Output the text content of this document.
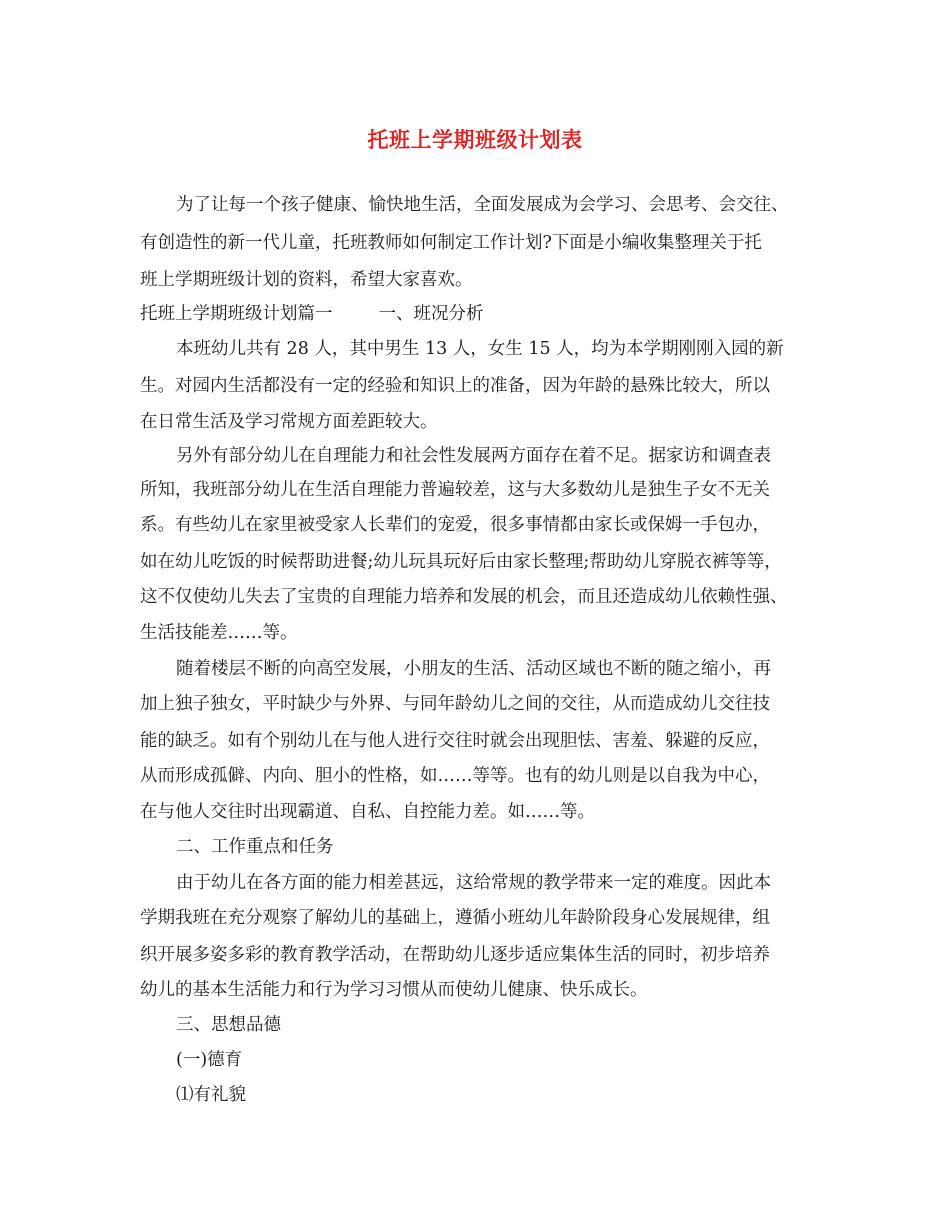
托班上学期班级计划表
为了让每一个孩子健康、愉快地生活，全面发展成为会学习、会思考、会交往、
有创造性的新一代儿童，托班教师如何制定工作计划?下面是小编收集整理关于托
班上学期班级计划的资料，希望大家喜欢。
托班上学期班级计划篇一	一、班况分析
本班幼儿共有 28 人，其中男生 13 人，女生 15 人，均为本学期刚刚入园的新
生。对园内生活都没有一定的经验和知识上的准备，因为年龄的悬殊比较大，所以
在日常生活及学习常规方面差距较大。
另外有部分幼儿在自理能力和社会性发展两方面存在着不足。据家访和调查表
所知，我班部分幼儿在生活自理能力普遍较差，这与大多数幼儿是独生子女不无关
系。有些幼儿在家里被受家人长辈们的宠爱，很多事情都由家长或保姆一手包办，
如在幼儿吃饭的时候帮助进餐;幼儿玩具玩好后由家长整理;帮助幼儿穿脱衣裤等等，
这不仅使幼儿失去了宝贵的自理能力培养和发展的机会，而且还造成幼儿依赖性强、
生活技能差……等。
随着楼层不断的向高空发展，小朋友的生活、活动区域也不断的随之缩小，再
加上独子独女，平时缺少与外界、与同年龄幼儿之间的交往，从而造成幼儿交往技
能的缺乏。如有个别幼儿在与他人进行交往时就会出现胆怯、害羞、躲避的反应，
从而形成孤僻、内向、胆小的性格，如……等等。也有的幼儿则是以自我为中心，
在与他人交往时出现霸道、自私、自控能力差。如……等。
二、工作重点和任务
由于幼儿在各方面的能力相差甚远，这给常规的教学带来一定的难度。因此本
学期我班在充分观察了解幼儿的基础上，遵循小班幼儿年龄阶段身心发展规律，组
织开展多姿多彩的教育教学活动，在帮助幼儿逐步适应集体生活的同时，初步培养
幼儿的基本生活能力和行为学习习惯从而使幼儿健康、快乐成长。
三、思想品德
(一)德育
⑴有礼貌
